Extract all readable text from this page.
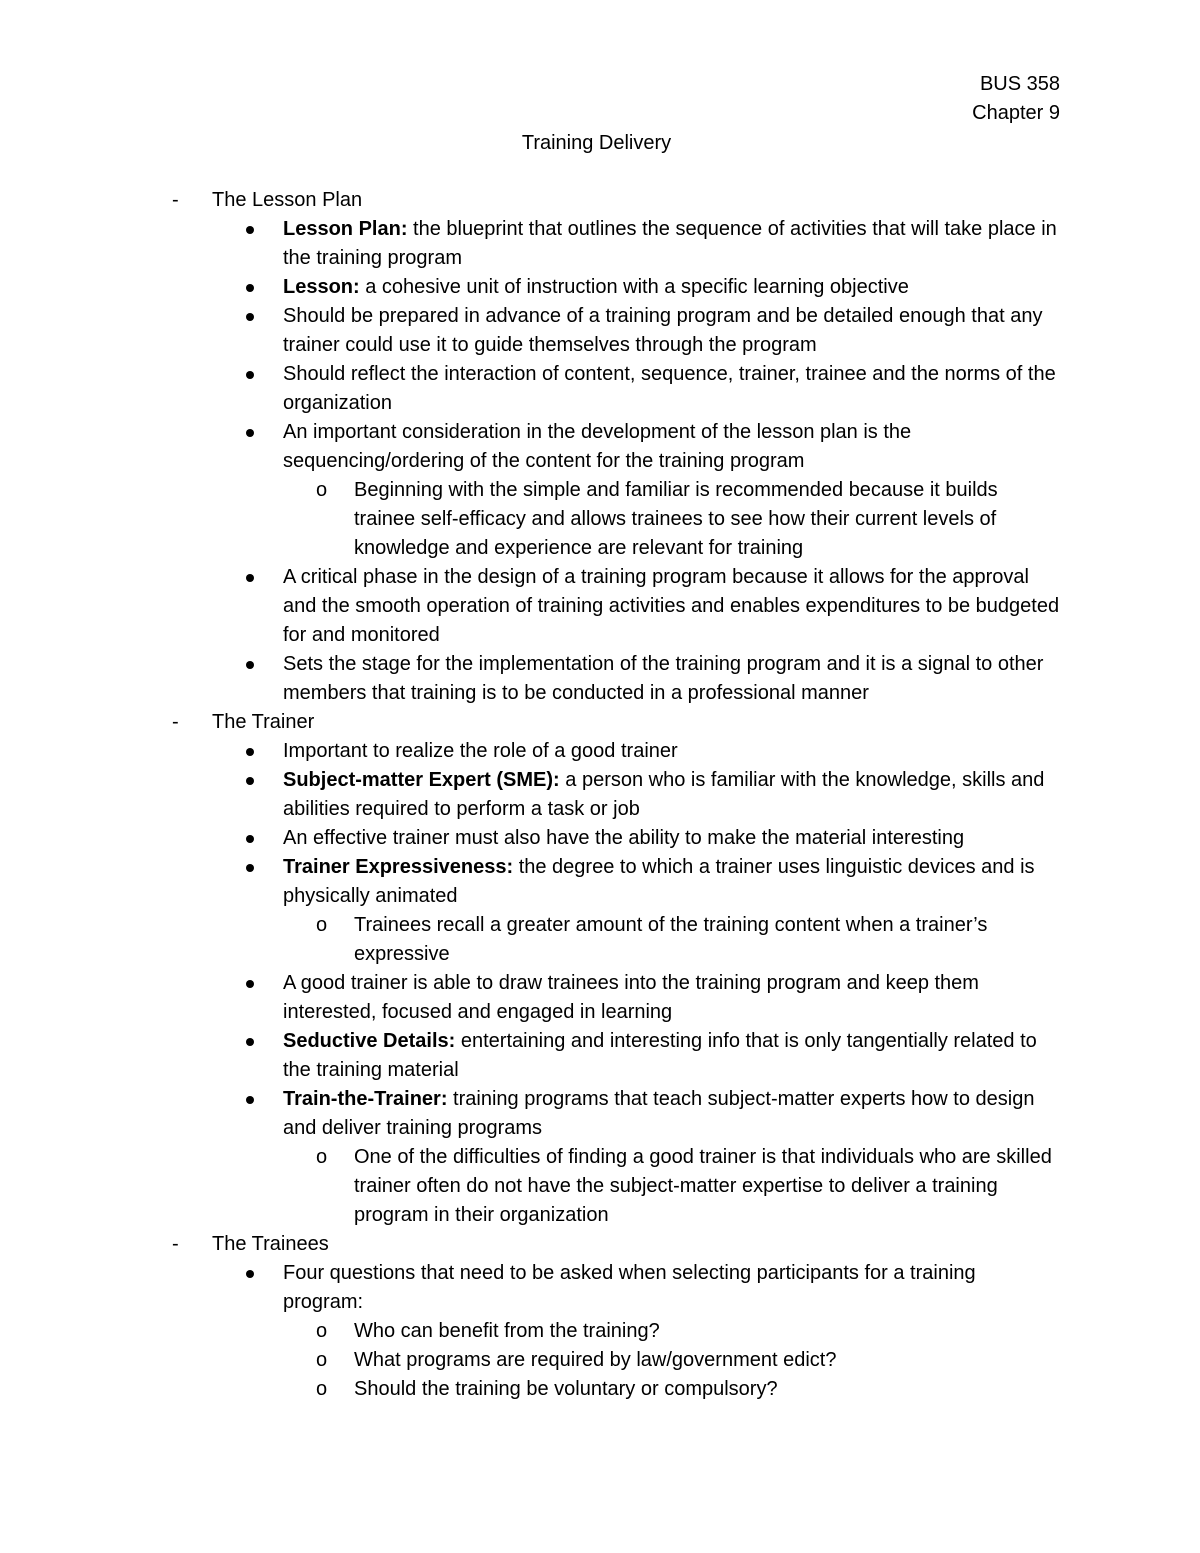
BUS 358
Chapter 9
Training Delivery
- The Lesson Plan
Lesson Plan: the blueprint that outlines the sequence of activities that will take place in the training program
Lesson: a cohesive unit of instruction with a specific learning objective
Should be prepared in advance of a training program and be detailed enough that any trainer could use it to guide themselves through the program
Should reflect the interaction of content, sequence, trainer, trainee and the norms of the organization
An important consideration in the development of the lesson plan is the sequencing/ordering of the content for the training program
o Beginning with the simple and familiar is recommended because it builds trainee self-efficacy and allows trainees to see how their current levels of knowledge and experience are relevant for training
A critical phase in the design of a training program because it allows for the approval and the smooth operation of training activities and enables expenditures to be budgeted for and monitored
Sets the stage for the implementation of the training program and it is a signal to other members that training is to be conducted in a professional manner
- The Trainer
Important to realize the role of a good trainer
Subject-matter Expert (SME): a person who is familiar with the knowledge, skills and abilities required to perform a task or job
An effective trainer must also have the ability to make the material interesting
Trainer Expressiveness: the degree to which a trainer uses linguistic devices and is physically animated
o Trainees recall a greater amount of the training content when a trainer’s expressive
A good trainer is able to draw trainees into the training program and keep them interested, focused and engaged in learning
Seductive Details: entertaining and interesting info that is only tangentially related to the training material
Train-the-Trainer: training programs that teach subject-matter experts how to design and deliver training programs
o One of the difficulties of finding a good trainer is that individuals who are skilled trainer often do not have the subject-matter expertise to deliver a training program in their organization
- The Trainees
Four questions that need to be asked when selecting participants for a training program:
o Who can benefit from the training?
o What programs are required by law/government edict?
o Should the training be voluntary or compulsory?
